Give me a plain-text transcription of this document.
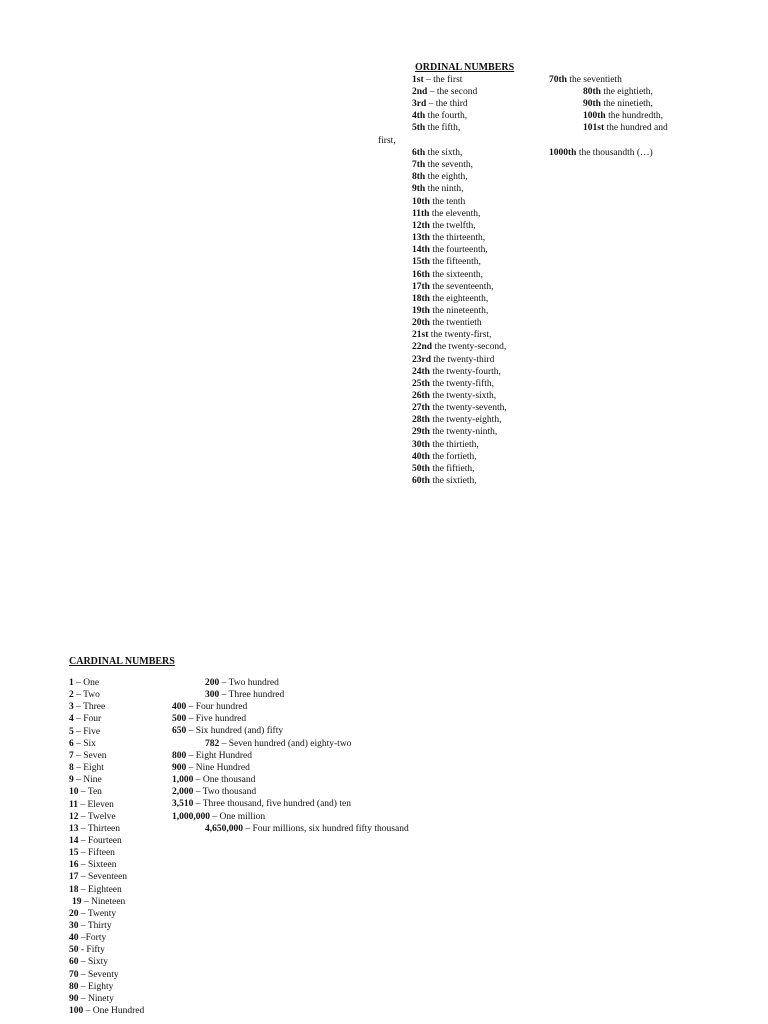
ORDINAL NUMBERS
1st – the first
2nd – the second
3rd – the third
4th the fourth,
5th the fifth,
70th the seventieth
80th the eightieth,
90th the ninetieth,
100th the hundredth,
101st the hundred and
first,
1000th the thousandth (…)
6th the sixth,
7th the seventh,
8th the eighth,
9th the ninth,
10th the tenth
11th the eleventh,
12th the twelfth,
13th the thirteenth,
14th the fourteenth,
15th the fifteenth,
16th the sixteenth,
17th the seventeenth,
18th the eighteenth,
19th the nineteenth,
20th the twentieth
21st the twenty-first,
22nd the twenty-second,
23rd the twenty-third
24th the twenty-fourth,
25th the twenty-fifth,
26th the twenty-sixth,
27th the twenty-seventh,
28th the twenty-eighth,
29th the twenty-ninth,
30th the thirtieth,
40th the fortieth,
50th the fiftieth,
60th the sixtieth,
CARDINAL NUMBERS
1 – One
2 – Two
3 – Three
4 – Four
5 – Five
6 – Six
7 – Seven
8 – Eight
9 – Nine
10 – Ten
11 – Eleven
12 – Twelve
13 – Thirteen
14 – Fourteen
15 – Fifteen
16 – Sixteen
17 – Seventeen
18 – Eighteen
19 – Nineteen
20 – Twenty
30 – Thirty
40 –Forty
50 - Fifty
60 – Sixty
70 – Seventy
80 – Eighty
90 – Ninety
100 – One Hundred
200 – Two hundred
300 – Three hundred
400 – Four hundred
500 – Five hundred
650 – Six hundred (and) fifty
782 – Seven hundred (and) eighty-two
800 – Eight Hundred
900 – Nine Hundred
1,000 – One thousand
2,000 – Two thousand
3,510 – Three thousand, five hundred (and) ten
1,000,000 – One million
4,650,000 – Four millions, six hundred fifty thousand
